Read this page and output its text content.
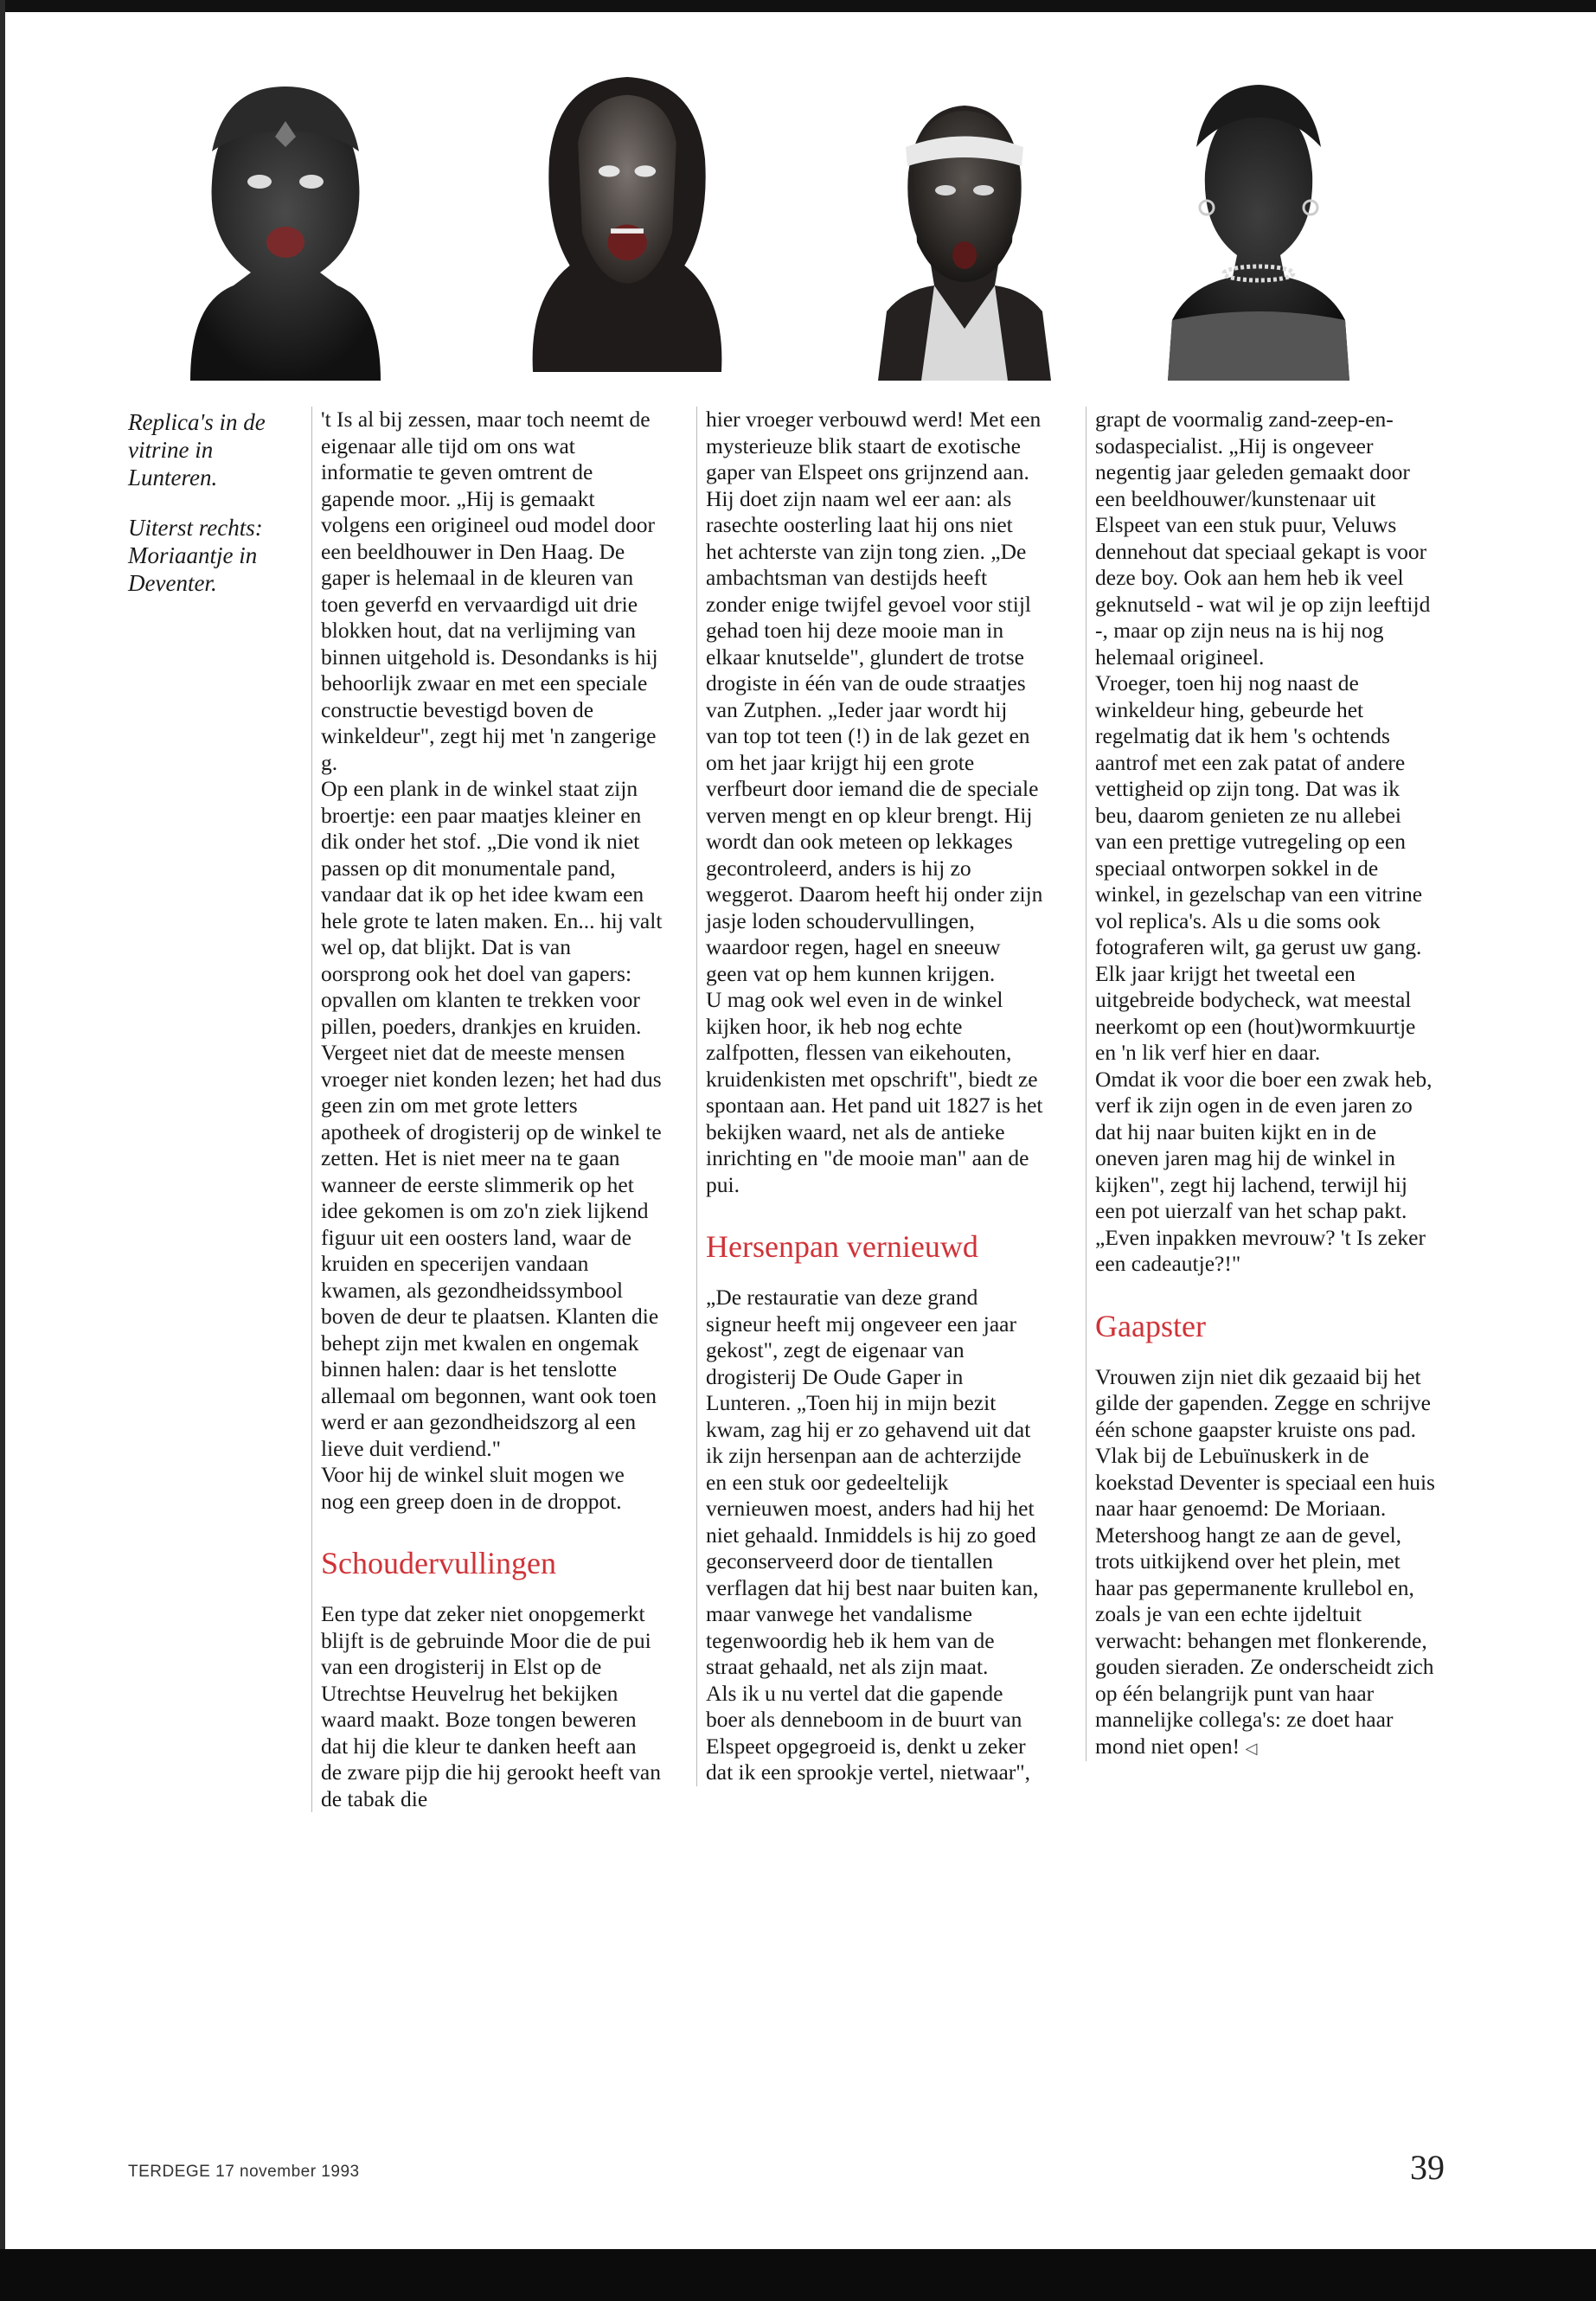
Replica's in de vitrine in Lunteren.

Uiterst rechts: Moriaantje in Deventer.

't Is al bij zessen, maar toch neemt de eigenaar alle tijd om ons wat informatie te geven omtrent de gapende moor. „Hij is gemaakt volgens een origineel oud model door een beeldhouwer in Den Haag. De gaper is helemaal in de kleuren van toen geverfd en vervaardigd uit drie blokken hout, dat na verlijming van binnen uitgehold is. Desondanks is hij behoorlijk zwaar en met een speciale constructie bevestigd boven de winkeldeur", zegt hij met 'n zangerige g.

Op een plank in de winkel staat zijn broertje: een paar maatjes kleiner en dik onder het stof. „Die vond ik niet passen op dit monumentale pand, vandaar dat ik op het idee kwam een hele grote te laten maken. En... hij valt wel op, dat blijkt. Dat is van oorsprong ook het doel van gapers: opvallen om klanten te trekken voor pillen, poeders, drankjes en kruiden. Vergeet niet dat de meeste mensen vroeger niet konden lezen; het had dus geen zin om met grote letters apotheek of drogisterij op de winkel te zetten. Het is niet meer na te gaan wanneer de eerste slimmerik op het idee gekomen is om zo'n ziek lijkend figuur uit een oosters land, waar de kruiden en specerijen vandaan kwamen, als gezondheidssymbool boven de deur te plaatsen. Klanten die behept zijn met kwalen en ongemak binnen halen: daar is het tenslotte allemaal om begonnen, want ook toen werd er aan gezondheidszorg al een lieve duit verdiend."

Voor hij de winkel sluit mogen we nog een greep doen in de droppot.

Schoudervullingen

Een type dat zeker niet onopgemerkt blijft is de gebruinde Moor die de pui van een drogisterij in Elst op de Utrechtse Heuvelrug het bekijken waard maakt. Boze tongen beweren dat hij die kleur te danken heeft aan de zware pijp die hij gerookt heeft van de tabak die

hier vroeger verbouwd werd! Met een mysterieuze blik staart de exotische gaper van Elspeet ons grijnzend aan. Hij doet zijn naam wel eer aan: als rasechte oosterling laat hij ons niet het achterste van zijn tong zien. „De ambachtsman van destijds heeft zonder enige twijfel gevoel voor stijl gehad toen hij deze mooie man in elkaar knutselde", glundert de trotse drogiste in één van de oude straatjes van Zutphen. „Ieder jaar wordt hij van top tot teen (!) in de lak gezet en om het jaar krijgt hij een grote verfbeurt door iemand die de speciale verven mengt en op kleur brengt. Hij wordt dan ook meteen op lekkages gecontroleerd, anders is hij zo weggerot. Daarom heeft hij onder zijn jasje loden schoudervullingen, waardoor regen, hagel en sneeuw geen vat op hem kunnen krijgen.

U mag ook wel even in de winkel kijken hoor, ik heb nog echte zalfpotten, flessen van eikehouten, kruidenkisten met opschrift", biedt ze spontaan aan. Het pand uit 1827 is het bekijken waard, net als de antieke inrichting en "de mooie man" aan de pui.

Hersenpan vernieuwd

„De restauratie van deze grand signeur heeft mij ongeveer een jaar gekost", zegt de eigenaar van drogisterij De Oude Gaper in Lunteren. „Toen hij in mijn bezit kwam, zag hij er zo gehavend uit dat ik zijn hersenpan aan de achterzijde en een stuk oor gedeeltelijk vernieuwen moest, anders had hij het niet gehaald. Inmiddels is hij zo goed geconserveerd door de tientallen verflagen dat hij best naar buiten kan, maar vanwege het vandalisme tegenwoordig heb ik hem van de straat gehaald, net als zijn maat.

Als ik u nu vertel dat die gapende boer als denneboom in de buurt van Elspeet opgegroeid is, denkt u zeker dat ik een sprookje vertel, nietwaar",

grapt de voormalig zand-zeep-en-sodaspecialist. „Hij is ongeveer negentig jaar geleden gemaakt door een beeldhouwer/kunstenaar uit Elspeet van een stuk puur, Veluws dennehout dat speciaal gekapt is voor deze boy. Ook aan hem heb ik veel geknutseld - wat wil je op zijn leeftijd -, maar op zijn neus na is hij nog helemaal origineel.

Vroeger, toen hij nog naast de winkeldeur hing, gebeurde het regelmatig dat ik hem 's ochtends aantrof met een zak patat of andere vettigheid op zijn tong. Dat was ik beu, daarom genieten ze nu allebei van een prettige vutregeling op een speciaal ontworpen sokkel in de winkel, in gezelschap van een vitrine vol replica's. Als u die soms ook fotograferen wilt, ga gerust uw gang. Elk jaar krijgt het tweetal een uitgebreide bodycheck, wat meestal neerkomt op een (hout)wormkuurtje en 'n lik verf hier en daar.

Omdat ik voor die boer een zwak heb, verf ik zijn ogen in de even jaren zo dat hij naar buiten kijkt en in de oneven jaren mag hij de winkel in kijken", zegt hij lachend, terwijl hij een pot uierzalf van het schap pakt. „Even inpakken mevrouw? 't Is zeker een cadeautje?!"

Gaapster

Vrouwen zijn niet dik gezaaid bij het gilde der gapenden. Zegge en schrijve één schone gaapster kruiste ons pad. Vlak bij de Lebuïnuskerk in de koekstad Deventer is speciaal een huis naar haar genoemd: De Moriaan. Metershoog hangt ze aan de gevel, trots uitkijkend over het plein, met haar pas gepermanente krullebol en, zoals je van een echte ijdeltuit verwacht: behangen met flonkerende, gouden sieraden. Ze onderscheidt zich op één belangrijk punt van haar mannelijke collega's: ze doet haar mond niet open! ◁

TERDEGE 17 november 1993	39
